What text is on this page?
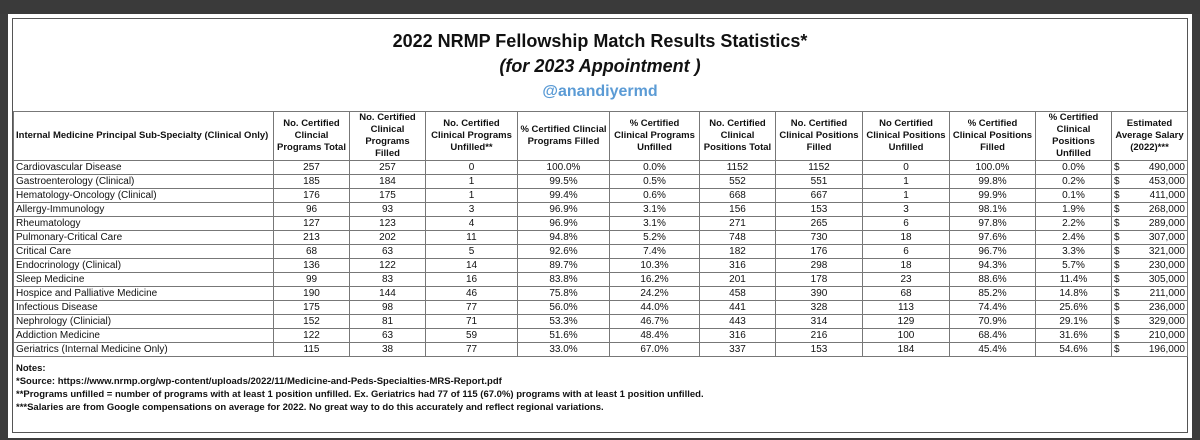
2022 NRMP Fellowship Match Results Statistics*
(for 2023 Appointment )
@anandiyermd
Internal Medicine Principal Sub-Specialty (Clinical Only)	No. Certified Clincial Programs Total	No. Certified Clinical Programs Filled	No. Certified Clinical Programs Unfilled**	% Certified Clincial Programs Filled	% Certified Clinical Programs Unfilled	No. Certified Clinical Positions Total	No. Certified Clinical Positions Filled	No Certified Clinical Positions Unfilled	% Certified Clinical Positions Filled	% Certified Clinical Positions Unfilled	Estimated Average Salary (2022)***
Cardiovascular Disease	257	257	0	100.0%	0.0%	1152	1152	0	100.0%	0.0%	$ 490,000

Gastroenterology (Clinical)	185	184	1	99.5%	0.5%	552	551	1	99.8%	0.2%	$ 453,000

Hematology-Oncology (Clinical)	176	175	1	99.4%	0.6%	668	667	1	99.9%	0.1%	$ 411,000

Allergy-Immunology	96	93	3	96.9%	3.1%	156	153	3	98.1%	1.9%	$ 268,000

Rheumatology	127	123	4	96.9%	3.1%	271	265	6	97.8%	2.2%	$ 289,000

Pulmonary-Critical Care	213	202	11	94.8%	5.2%	748	730	18	97.6%	2.4%	$ 307,000

Critical Care	68	63	5	92.6%	7.4%	182	176	6	96.7%	3.3%	$ 321,000

Endocrinology (Clinical)	136	122	14	89.7%	10.3%	316	298	18	94.3%	5.7%	$ 230,000

Sleep Medicine	99	83	16	83.8%	16.2%	201	178	23	88.6%	11.4%	$ 305,000

Hospice and Palliative Medicine	190	144	46	75.8%	24.2%	458	390	68	85.2%	14.8%	$ 211,000

Infectious Disease	175	98	77	56.0%	44.0%	441	328	113	74.4%	25.6%	$ 236,000

Nephrology (Clinicial)	152	81	71	53.3%	46.7%	443	314	129	70.9%	29.1%	$ 329,000

Addiction Medicine	122	63	59	51.6%	48.4%	316	216	100	68.4%	31.6%	$ 210,000

Geriatrics (Internal Medicine Only)	115	38	77	33.0%	67.0%	337	153	184	45.4%	54.6%	$ 196,000
Notes:
*Source: https://www.nrmp.org/wp-content/uploads/2022/11/Medicine-and-Peds-Specialties-MRS-Report.pdf
**Programs unfilled = number of programs with at least 1 position unfilled. Ex. Geriatrics had 77 of 115 (67.0%) programs with at least 1 position unfilled.
***Salaries are from Google compensations on average for 2022. No great way to do this accurately and reflect regional variations.
